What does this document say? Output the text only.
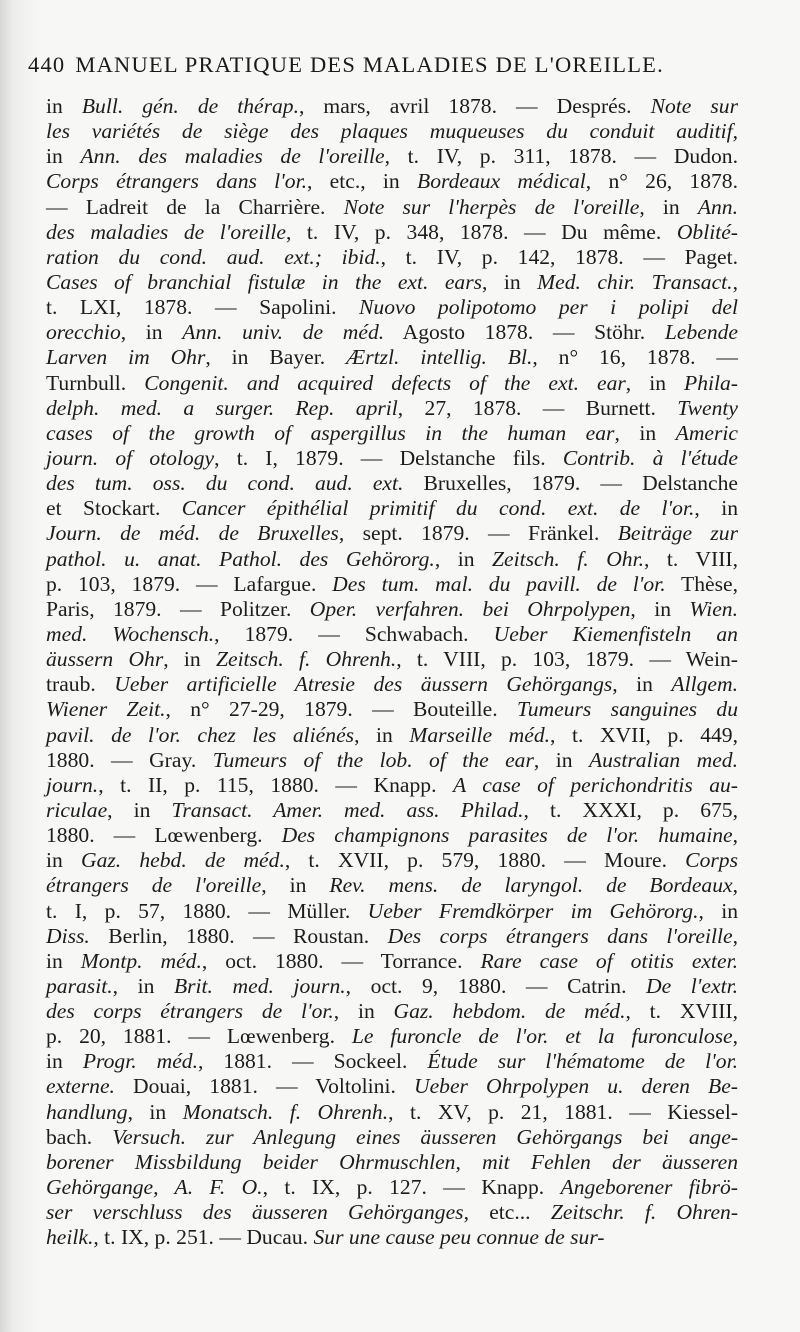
440 MANUEL PRATIQUE DES MALADIES DE L'OREILLE.
in Bull. gén. de thérap., mars, avril 1878. — Després. Note sur
les variétés de siège des plaques muqueuses du conduit auditif,
in Ann. des maladies de l'oreille, t. IV, p. 311, 1878. — Dudon.
Corps étrangers dans l'or., etc., in Bordeaux médical, n° 26, 1878.
— Ladreit de la Charrière. Note sur l'herpès de l'oreille, in Ann.
des maladies de l'oreille, t. IV, p. 348, 1878. — Du même. Oblité-
ration du cond. aud. ext.; ibid., t. IV, p. 142, 1878. — Paget.
Cases of branchial fistulæ in the ext. ears, in Med. chir. Transact.,
t. LXI, 1878. — Sapolini. Nuovo polipotomo per i polipi del
orecchio, in Ann. univ. de méd. Agosto 1878. — Stöhr. Lebende
Larven im Ohr, in Bayer. Ærtzl. intellig. Bl., n° 16, 1878. —
Turnbull. Congenit. and acquired defects of the ext. ear, in Phila-
delph. med. a surger. Rep. april, 27, 1878. — Burnett. Twenty
cases of the growth of aspergillus in the human ear, in Americ
journ. of otology, t. I, 1879. — Delstanche fils. Contrib. à l'étude
des tum. oss. du cond. aud. ext. Bruxelles, 1879. — Delstanche
et Stockart. Cancer épithélial primitif du cond. ext. de l'or., in
Journ. de méd. de Bruxelles, sept. 1879. — Fränkel. Beiträge zur
pathol. u. anat. Pathol. des Gehörorg., in Zeitsch. f. Ohr., t. VIII,
p. 103, 1879. — Lafargue. Des tum. mal. du pavill. de l'or. Thèse,
Paris, 1879. — Politzer. Oper. verfahren. bei Ohrpolypen, in Wien.
med. Wochensch., 1879. — Schwabach. Ueber Kiemenfisteln an
äussern Ohr, in Zeitsch. f. Ohrenh., t. VIII, p. 103, 1879. — Wein-
traub. Ueber artificielle Atresie des äussern Gehörgangs, in Allgem.
Wiener Zeit., n° 27-29, 1879. — Bouteille. Tumeurs sanguines du
pavil. de l'or. chez les aliénés, in Marseille méd., t. XVII, p. 449,
1880. — Gray. Tumeurs of the lob. of the ear, in Australian med.
journ., t. II, p. 115, 1880. — Knapp. A case of perichondritis au-
riculae, in Transact. Amer. med. ass. Philad., t. XXXI, p. 675,
1880. — Lœwenberg. Des champignons parasites de l'or. humaine,
in Gaz. hebd. de méd., t. XVII, p. 579, 1880. — Moure. Corps
étrangers de l'oreille, in Rev. mens. de laryngol. de Bordeaux,
t. I, p. 57, 1880. — Müller. Ueber Fremdkörper im Gehörorg., in
Diss. Berlin, 1880. — Roustan. Des corps étrangers dans l'oreille,
in Montp. méd., oct. 1880. — Torrance. Rare case of otitis exter.
parasit., in Brit. med. journ., oct. 9, 1880. — Catrin. De l'extr.
des corps étrangers de l'or., in Gaz. hebdom. de méd., t. XVIII,
p. 20, 1881. — Lœwenberg. Le furoncle de l'or. et la furonculose,
in Progr. méd., 1881. — Sockeel. Étude sur l'hématome de l'or.
externe. Douai, 1881. — Voltolini. Ueber Ohrpolypen u. deren Be-
handlung, in Monatsch. f. Ohrenh., t. XV, p. 21, 1881. — Kiessel-
bach. Versuch. zur Anlegung eines äusseren Gehörgangs bei ange-
borener Missbildung beider Ohrmuschlen, mit Fehlen der äusseren
Gehörgange, A. F. O., t. IX, p. 127. — Knapp. Angeborener fibrö-
ser verschluss des äusseren Gehörganges, etc... Zeitschr. f. Ohren-
heilk., t. IX, p. 251. — Ducau. Sur une cause peu connue de sur-
